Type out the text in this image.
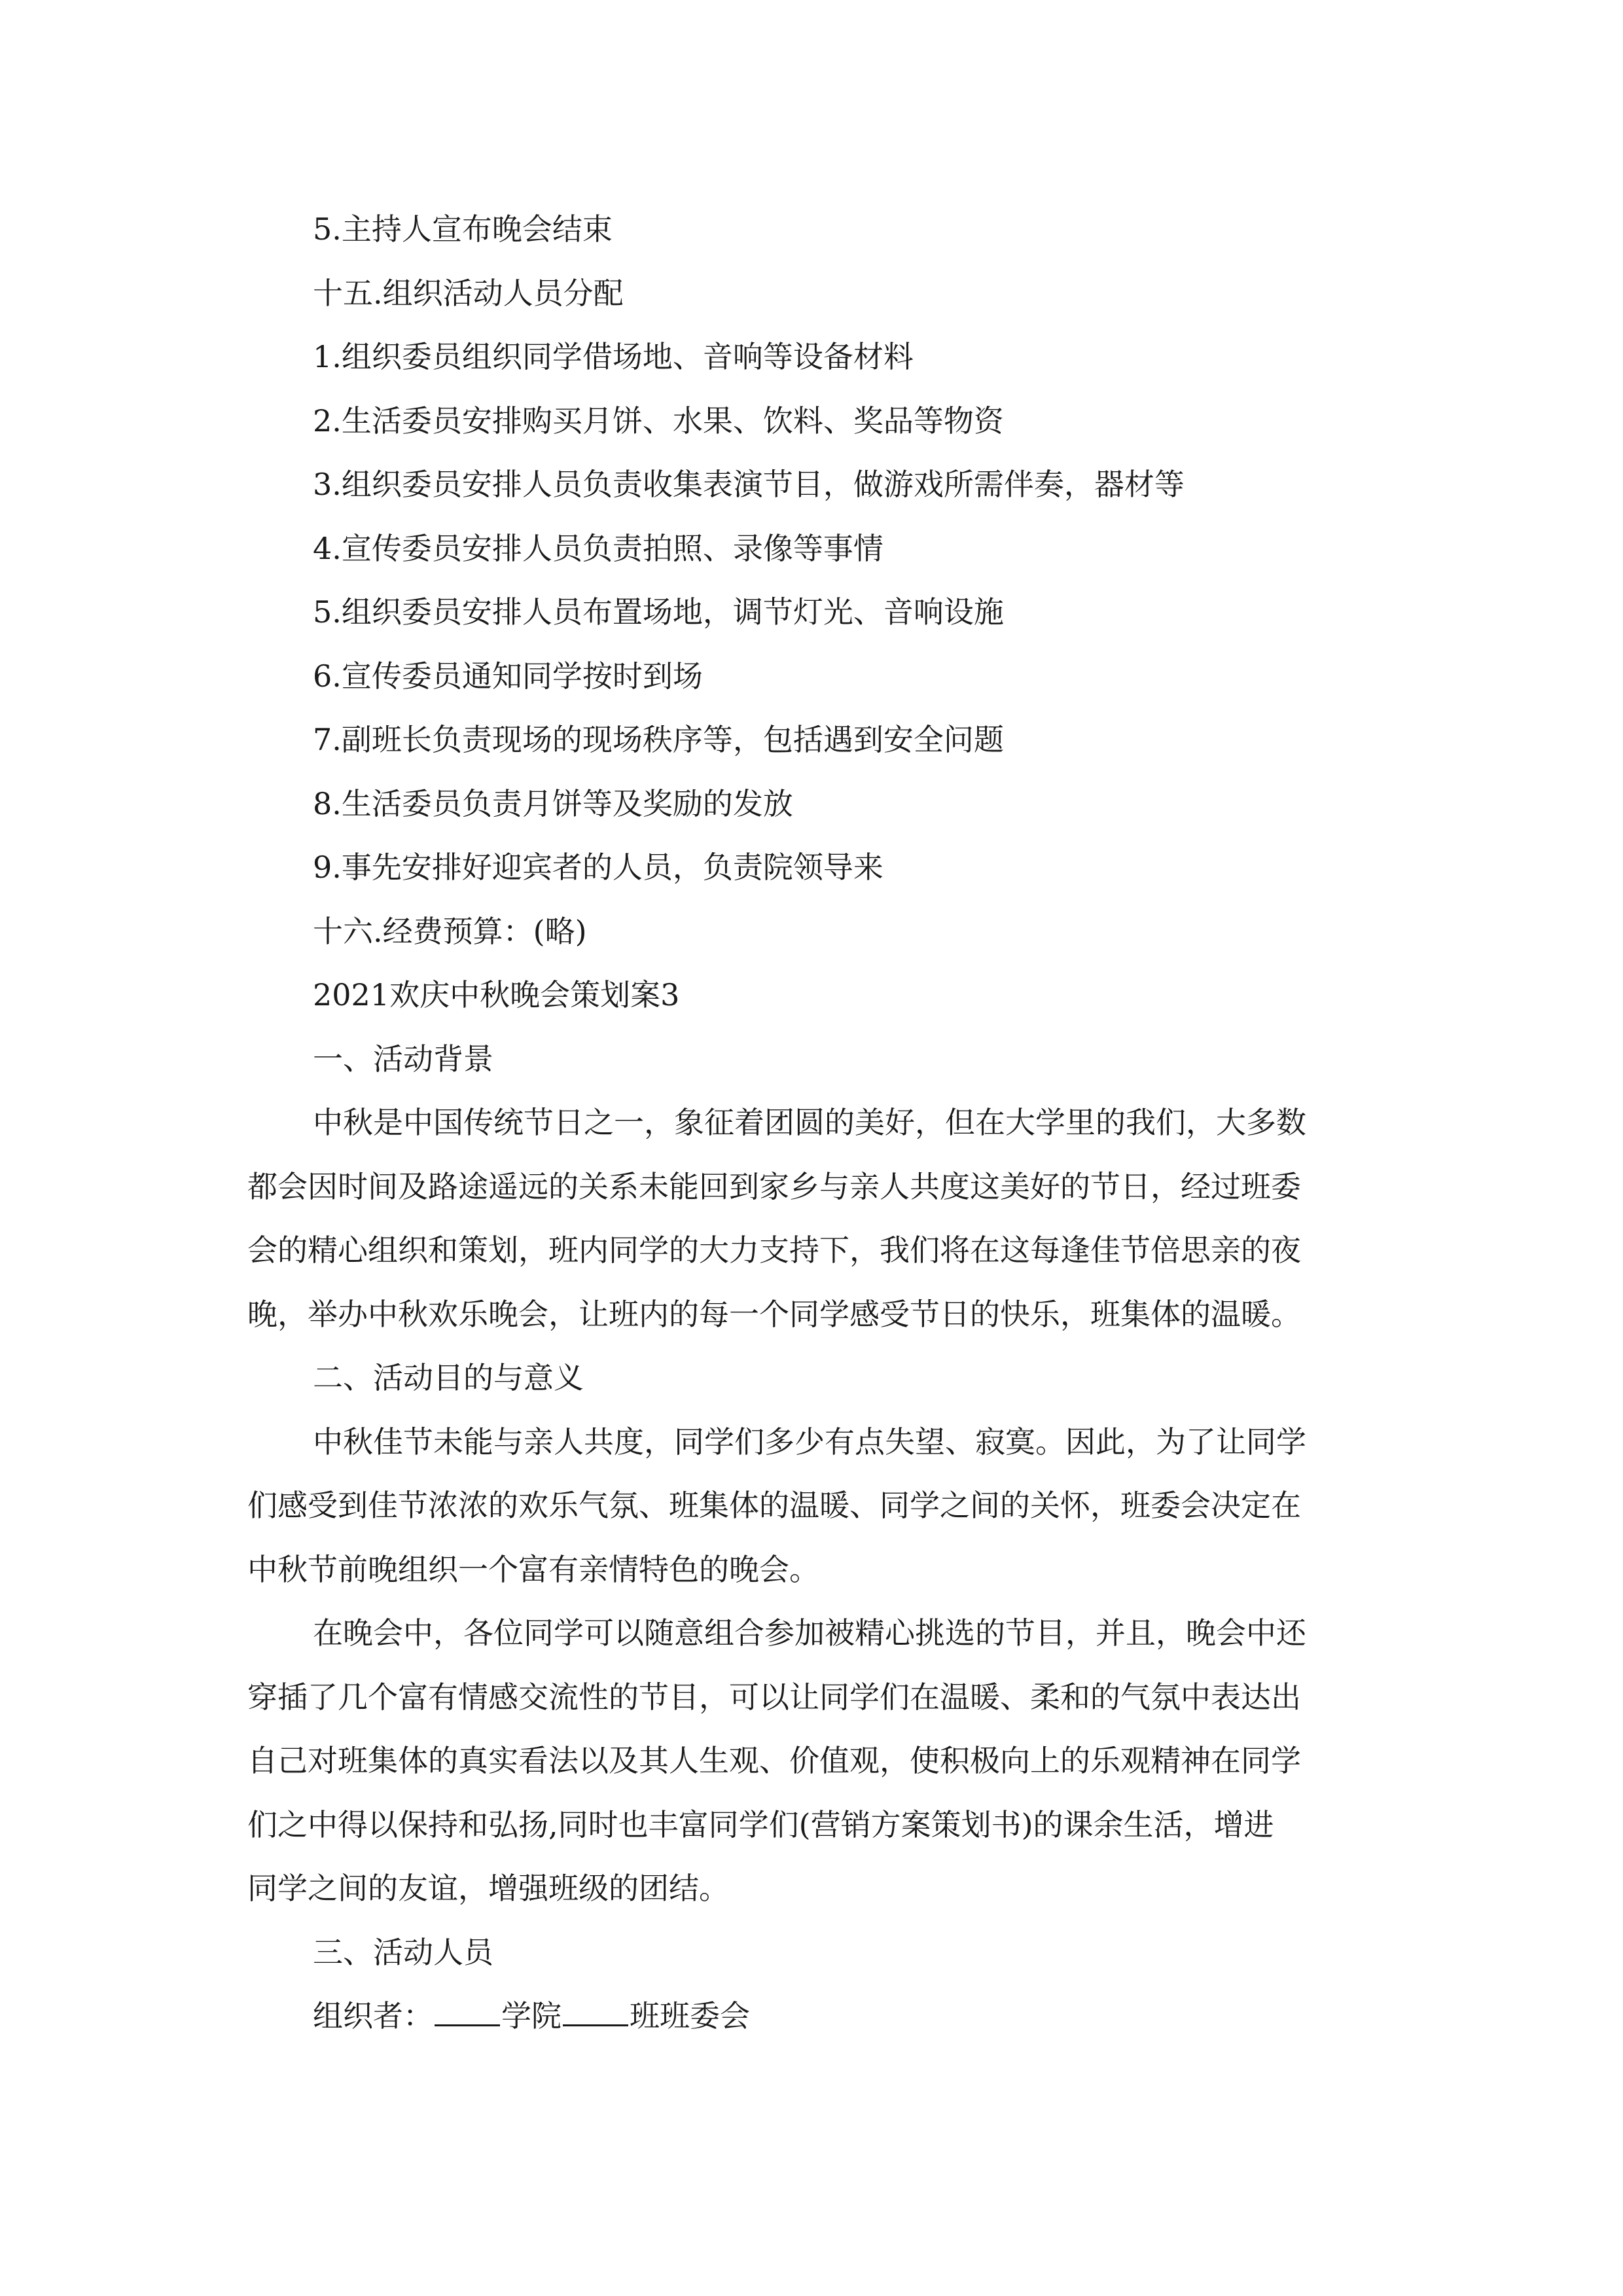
5.主持人宣布晚会结束
十五.组织活动人员分配
1.组织委员组织同学借场地、音响等设备材料
2.生活委员安排购买月饼、水果、饮料、奖品等物资
3.组织委员安排人员负责收集表演节目，做游戏所需伴奏，器材等
4.宣传委员安排人员负责拍照、录像等事情
5.组织委员安排人员布置场地，调节灯光、音响设施
6.宣传委员通知同学按时到场
7.副班长负责现场的现场秩序等，包括遇到安全问题
8.生活委员负责月饼等及奖励的发放
9.事先安排好迎宾者的人员，负责院领导来
十六.经费预算：(略)
2021欢庆中秋晚会策划案3
一、活动背景
中秋是中国传统节日之一，象征着团圆的美好，但在大学里的我们，大多数
都会因时间及路途遥远的关系未能回到家乡与亲人共度这美好的节日，经过班委
会的精心组织和策划，班内同学的大力支持下，我们将在这每逢佳节倍思亲的夜
晚，举办中秋欢乐晚会，让班内的每一个同学感受节日的快乐，班集体的温暖。
二、活动目的与意义
中秋佳节未能与亲人共度，同学们多少有点失望、寂寞。因此，为了让同学
们感受到佳节浓浓的欢乐气氛、班集体的温暖、同学之间的关怀，班委会决定在
中秋节前晚组织一个富有亲情特色的晚会。
在晚会中，各位同学可以随意组合参加被精心挑选的节目，并且，晚会中还
穿插了几个富有情感交流性的节目，可以让同学们在温暖、柔和的气氛中表达出
自己对班集体的真实看法以及其人生观、价值观，使积极向上的乐观精神在同学
们之中得以保持和弘扬,同时也丰富同学们(营销方案策划书)的课余生活，增进
同学之间的友谊，增强班级的团结。
三、活动人员
组织者： 学院 班班委会
